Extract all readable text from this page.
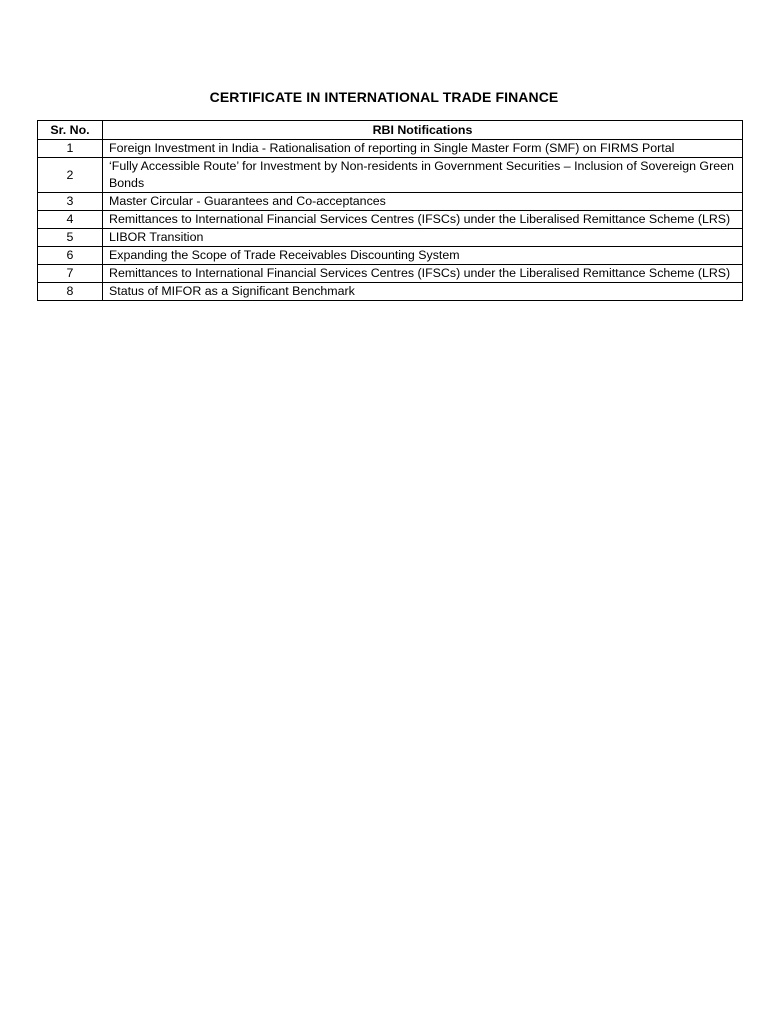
CERTIFICATE IN INTERNATIONAL TRADE FINANCE
Sr. No.	RBI Notifications
1	Foreign Investment in India - Rationalisation of reporting in Single Master Form (SMF) on FIRMS Portal
2	‘Fully Accessible Route’ for Investment by Non-residents in Government Securities – Inclusion of Sovereign Green Bonds
3	Master Circular - Guarantees and Co-acceptances
4	Remittances to International Financial Services Centres (IFSCs) under the Liberalised Remittance Scheme (LRS)
5	LIBOR Transition
6	Expanding the Scope of Trade Receivables Discounting System
7	Remittances to International Financial Services Centres (IFSCs) under the Liberalised Remittance Scheme (LRS)
8	Status of MIFOR as a Significant Benchmark
